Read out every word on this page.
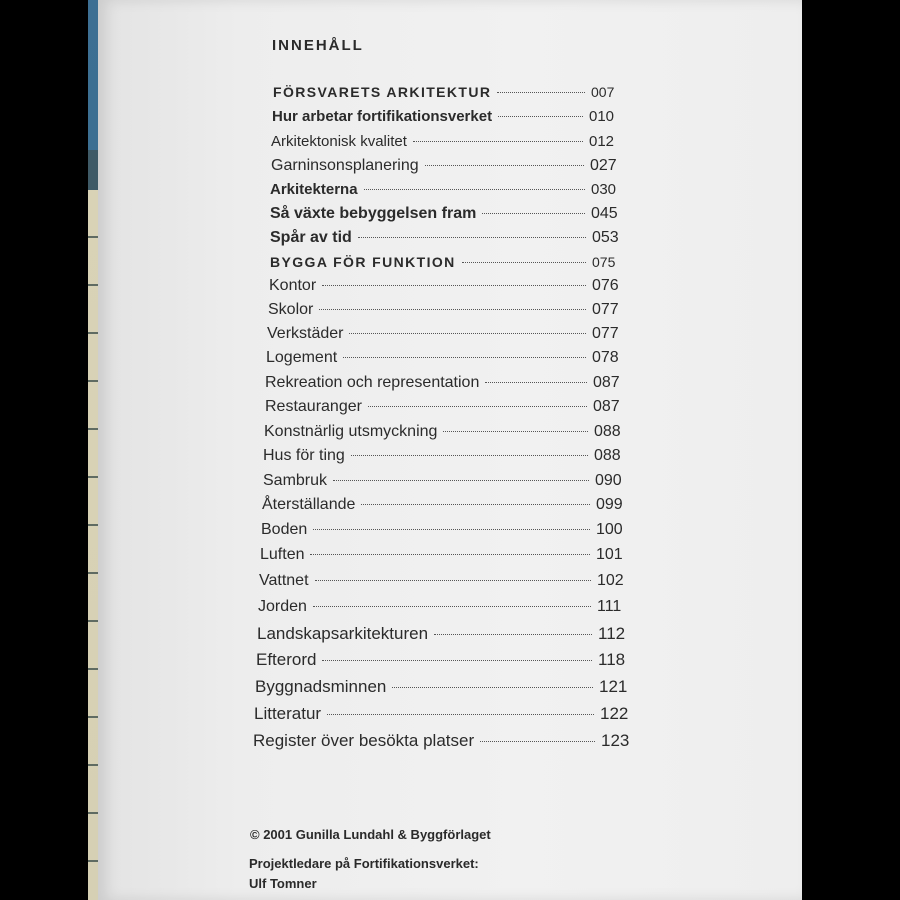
INNEHÅLL
FÖRSVARETS ARKITEKTUR	007
Hur arbetar fortifikationsverket	010
Arkitektonisk kvalitet	012
Garninsonsplanering	027
Arkitekterna	030
Så växte bebyggelsen fram	045
Spår av tid	053
BYGGA FÖR FUNKTION	075
Kontor	076
Skolor	077
Verkstäder	077
Logement	078
Rekreation och representation	087
Restauranger	087
Konstnärlig utsmyckning	088
Hus för ting	088
Sambruk	090
Återställande	099
Boden	100
Luften	101
Vattnet	102
Jorden	111
Landskapsarkitekturen	112
Efterord	118
Byggnadsminnen	121
Litteratur	122
Register över besökta platser	123
© 2001 Gunilla Lundahl & Byggförlaget
Projektledare på Fortifikationsverket:
Ulf Tomner
